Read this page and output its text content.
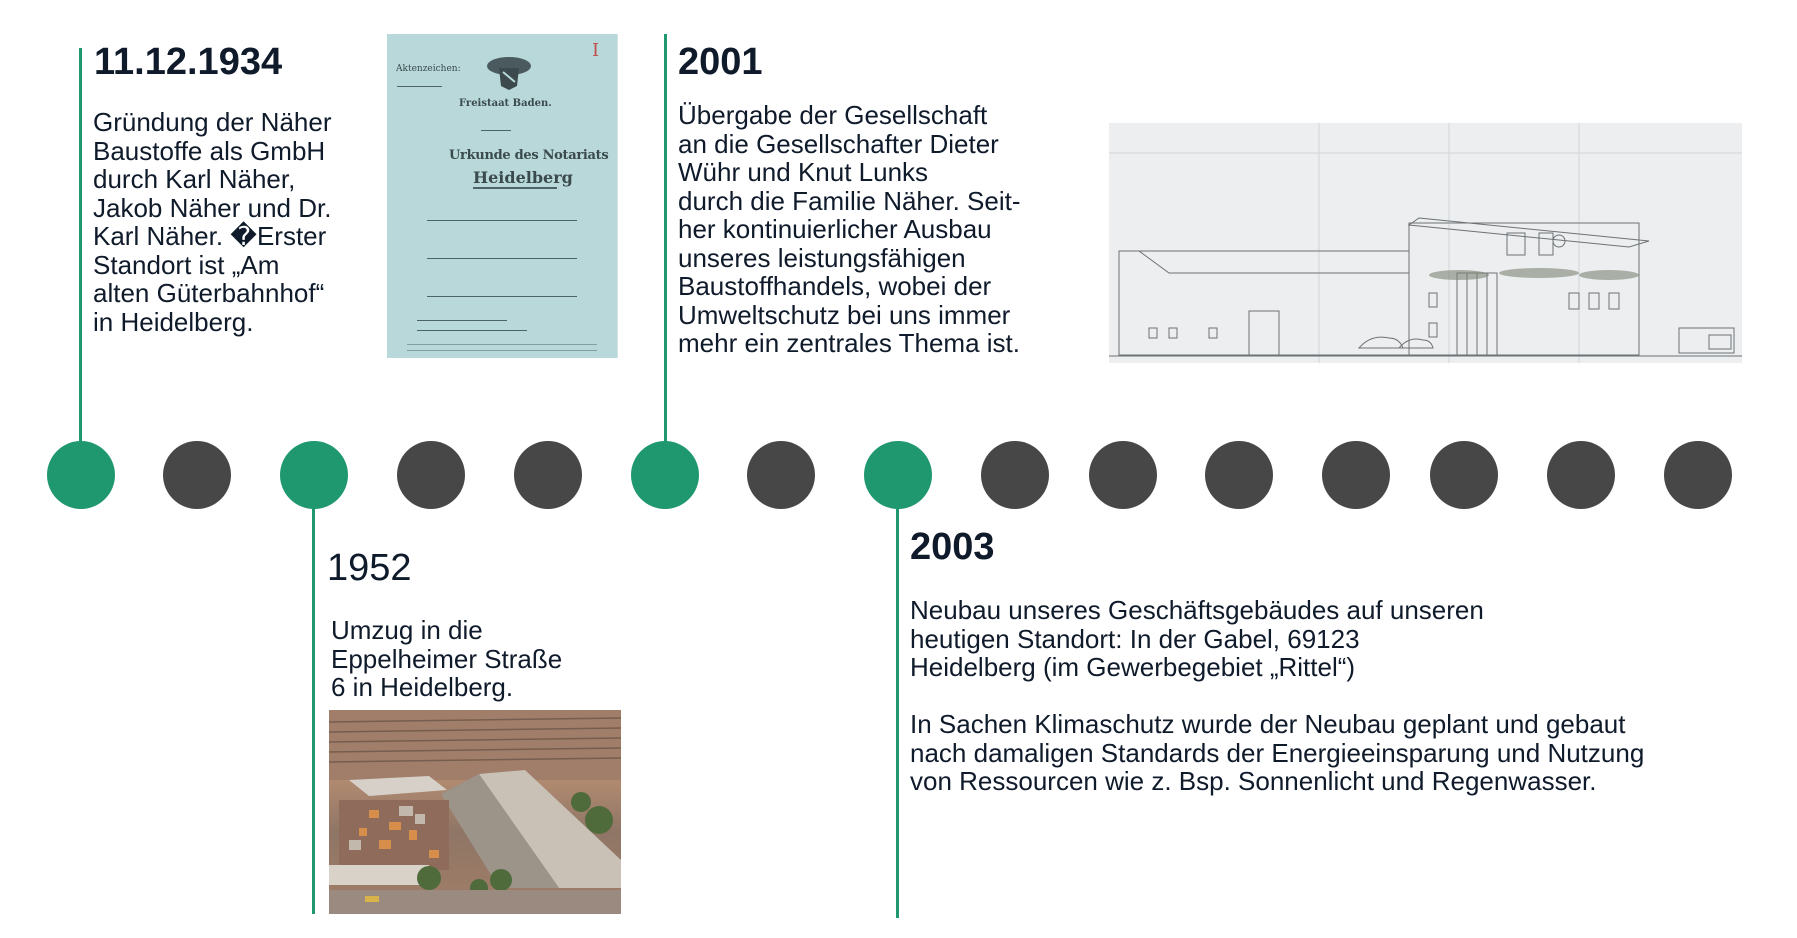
11.12.1934

Gründung der Näher

Baustoffe als GmbH

durch Karl Näher,

Jakob Näher und Dr.

Karl Näher. �Erster

Standort ist „Am

alten Güterbahnhof“

in Heidelberg.

Aktenzeichen:
I
Freistaat Baden.
Urkunde des Notariats
Heidelberg
1952

Umzug in die

Eppelheimer Straße

6 in Heidelberg.

2001

Übergabe der Gesellschaft

an die Gesellschafter Dieter

Wühr und Knut Lunks

durch die Familie Näher. Seit-

her kontinuierlicher Ausbau

unseres leistungsfähigen

Baustoffhandels, wobei der

Umweltschutz bei uns immer

mehr ein zentrales Thema ist.

2003

Neubau unseres Geschäftsgebäudes auf unseren

heutigen Standort: In der Gabel, 69123

Heidelberg (im Gewerbegebiet „Rittel“)

In Sachen Klimaschutz wurde der Neubau geplant und gebaut

nach damaligen Standards der Energieeinsparung und Nutzung

von Ressourcen wie z. Bsp. Sonnenlicht und Regenwasser.
